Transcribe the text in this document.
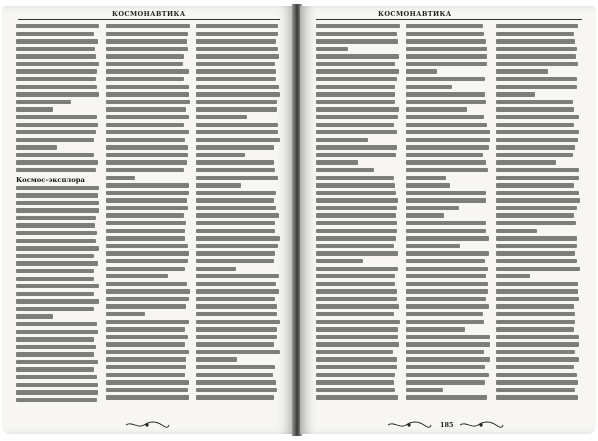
КОСМОНАВТИКА
Космос-эксплора
КОСМОНАВТИКА
185
